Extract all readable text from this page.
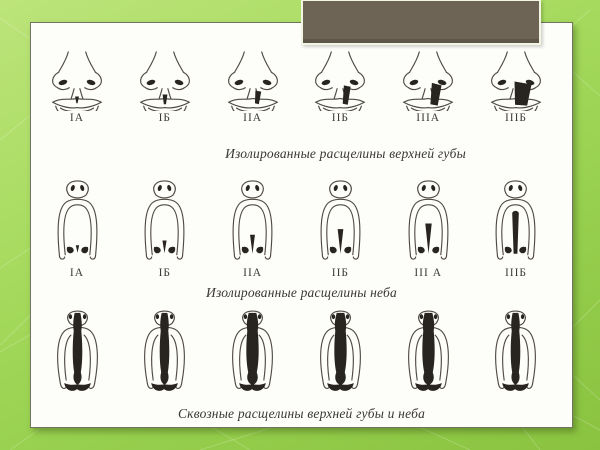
IА	IБ	IIА	IIБ	IIIА	IIIБ
Изолированные расщелины верхней губы
IА	IБ	IIА	IIБ	III А	IIIБ
Изолированные расщелины неба
Сквозные расщелины верхней губы и неба
